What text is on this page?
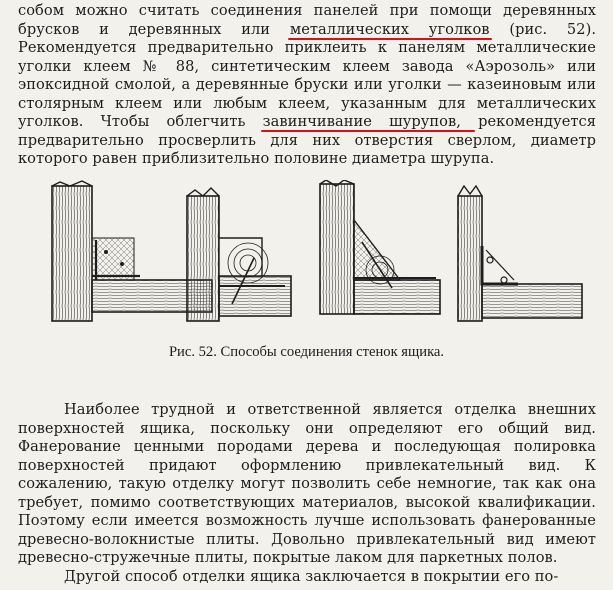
собом можно считать соединения панелей при помощи деревянных брусков и деревянных или металлических уголков (рис. 52). Рекомендуется предварительно приклеить к панелям металлические уголки клеем № 88, синтетическим клеем завода «Аэрозоль» или эпоксидной смолой, а деревянные бруски или уголки — казеиновым или столярным клеем или любым клеем, указанным для металлических уголков. Чтобы облегчить завинчивание шурупов, рекомендуется предварительно просверлить для них отверстия сверлом, диаметр которого равен приблизительно половине диаметра шурупа.
Рис. 52. Способы соединения стенок ящика.
Наиболее трудной и ответственной является отделка внешних поверхностей ящика, поскольку они определяют его общий вид. Фанерование ценными породами дерева и последующая полировка поверхностей придают оформлению привлекательный вид. К сожалению, такую отделку могут позволить себе немногие, так как она требует, помимо соответствующих материалов, высокой квалификации. Поэтому если имеется возможность лучше использовать фанерованные древесно-волокнистые плиты. Довольно привлекательный вид имеют древесно-стружечные плиты, покрытые лаком для паркетных полов.
Другой способ отделки ящика заключается в покрытии его по-
